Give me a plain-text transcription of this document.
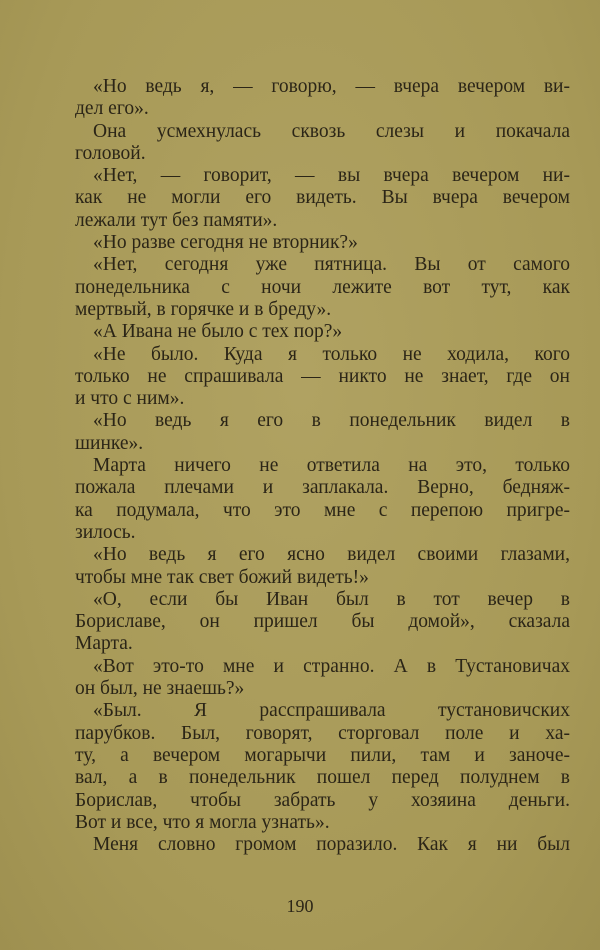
«Но ведь я, — говорю, — вчера вечером ви-
дел его».
Она усмехнулась сквозь слезы и покачала
головой.
«Нет, — говорит, — вы вчера вечером ни-
как не могли его видеть. Вы вчера вечером
лежали тут без памяти».
«Но разве сегодня не вторник?»
«Нет, сегодня уже пятница. Вы от самого
понедельника с ночи лежите вот тут, как
мертвый, в горячке и в бреду».
«А Ивана не было с тех пор?»
«Не было. Куда я только не ходила, кого
только не спрашивала — никто не знает, где он
и что с ним».
«Но ведь я его в понедельник видел в
шинке».
Марта ничего не ответила на это, только
пожала плечами и заплакала. Верно, бедняж-
ка подумала, что это мне с перепою пригре-
зилось.
«Но ведь я его ясно видел своими глазами,
чтобы мне так свет божий видеть!»
«О, если бы Иван был в тот вечер в
Бориславе, он пришел бы домой», сказала
Марта.
«Вот это-то мне и странно. А в Тустановичах
он был, не знаешь?»
«Был. Я расспрашивала тустановичских
парубков. Был, говорят, сторговал поле и ха-
ту, а вечером могарычи пили, там и заноче-
вал, а в понедельник пошел перед полуднем в
Борислав, чтобы забрать у хозяина деньги.
Вот и все, что я могла узнать».
Меня словно громом поразило. Как я ни был
190
